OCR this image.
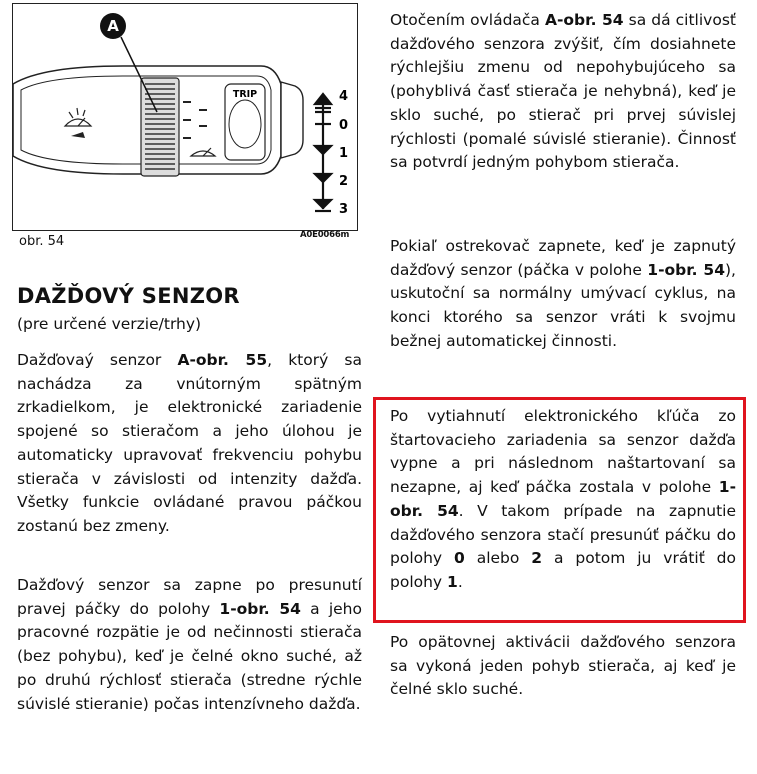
TRIP
A
4
0
1
2
3
A0E0066m
obr. 54
DAŽĎOVÝ SENZOR

(pre určené verzie/trhy)

Dažďovaý senzor A-obr. 55, ktorý sa nachádza za vnútorným spätným zrkadielkom, je elektronické zariadenie spojené so stieračom a jeho úlohou je automaticky upravovať frekvenciu pohybu stierača v závislosti od intenzity dažďa. Všetky funkcie ovládané pravou páčkou zostanú bez zmeny.

Dažďový senzor sa zapne po presunutí pravej páčky do polohy 1-obr. 54 a jeho pracovné rozpätie je od nečinnosti stierača (bez pohybu), keď je čelné okno suché, až po druhú rýchlosť stierača (stredne rýchle súvislé stieranie) počas intenzívneho dažďa.

Otočením ovládača A-obr. 54 sa dá citlivosť dažďového senzora zvýšiť, čím dosiahnete rýchlejšiu zmenu od nepohybujúceho sa (pohyblivá časť stierača je nehybná), keď je sklo suché, po stierač pri prvej súvislej rýchlosti (pomalé súvislé stieranie). Činnosť sa potvrdí jedným pohybom stierača.

Pokiaľ ostrekovač zapnete, keď je zapnutý dažďový senzor (páčka v polohe 1-obr. 54), uskutoční sa normálny umývací cyklus, na konci ktorého sa senzor vráti k svojmu bežnej automatickej činnosti.

Po vytiahnutí elektronického kľúča zo štartovacieho zariadenia sa senzor dažďa vypne a pri následnom naštartovaní sa nezapne, aj keď páčka zostala v polohe 1-obr. 54. V takom prípade na zapnutie dažďového senzora stačí presunúť páčku do polohy 0 alebo 2 a potom ju vrátiť do polohy 1.

Po opätovnej aktivácii dažďového senzora sa vykoná jeden pohyb stierača, aj keď je čelné sklo suché.
